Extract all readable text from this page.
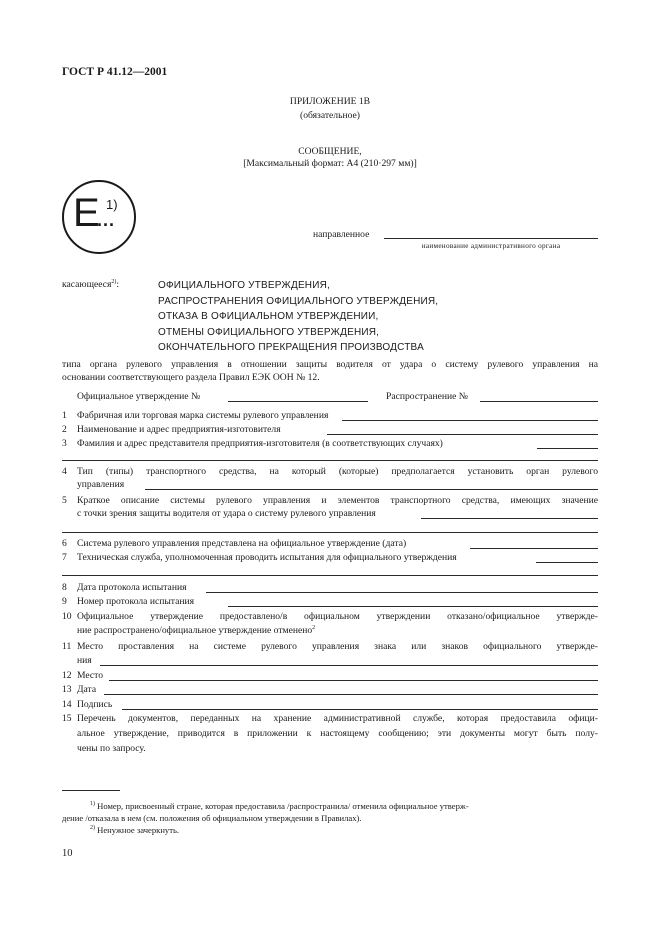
ГОСТ Р 41.12—2001
ПРИЛОЖЕНИЕ 1В
(обязательное)
СООБЩЕНИЕ,
[Максимальный формат: А4 (210·297 мм)]
E
...
1)
направленное
наименование административного органа
касающееся$^{2)}$:	ОФИЦИАЛЬНОГО УТВЕРЖДЕНИЯ,
РАСПРОСТРАНЕНИЯ ОФИЦИАЛЬНОГО УТВЕРЖДЕНИЯ,
ОТКАЗА В ОФИЦИАЛЬНОМ УТВЕРЖДЕНИИ,
ОТМЕНЫ ОФИЦИАЛЬНОГО УТВЕРЖДЕНИЯ,
ОКОНЧАТЕЛЬНОГО ПРЕКРАЩЕНИЯ ПРОИЗВОДСТВА
типа органа рулевого управления в отношении защиты водителя от удара о систему рулевого управления на
основании соответствующего раздела Правил ЕЭК ООН № 12.
Официальное утверждение №	Распространение №
1 Фабричная или торговая марка системы рулевого управления
2 Наименование и адрес предприятия-изготовителя
3 Фамилия и адрес представителя предприятия-изготовителя (в соответствующих случаях)
4 Тип (типы) транспортного средства, на который (которые) предполагается установить орган рулевого
управления
5 Краткое описание системы рулевого управления и элементов транспортного средства, имеющих значение
с точки зрения защиты водителя от удара о систему рулевого управления
6 Система рулевого управления представлена на официальное утверждение (дата)
7 Техническая служба, уполномоченная проводить испытания для официального утверждения
8 Дата протокола испытания
9 Номер протокола испытания
10 Официальное утверждение предоставлено/в официальном утверждении отказано/официальное утвержде-
ние распространено/официальное утверждение отменено$^2$
11 Место проставления на системе рулевого управления знака или знаков официального утвержде-
ния
12 Место
13 Дата
14 Подпись
15 Перечень документов, переданных на хранение административной службе, которая предоставила офици-
альное утверждение, приводится в приложении к настоящему сообщению; эти документы могут быть полу-
чены по запросу.
$^{1)}$ Номер, присвоенный стране, которая предоставила /распространила/ отменила официальное утверж-
дение /отказала в нем (см. положения об официальном утверждении в Правилах).
$^{2)}$ Ненужное зачеркнуть.
10
